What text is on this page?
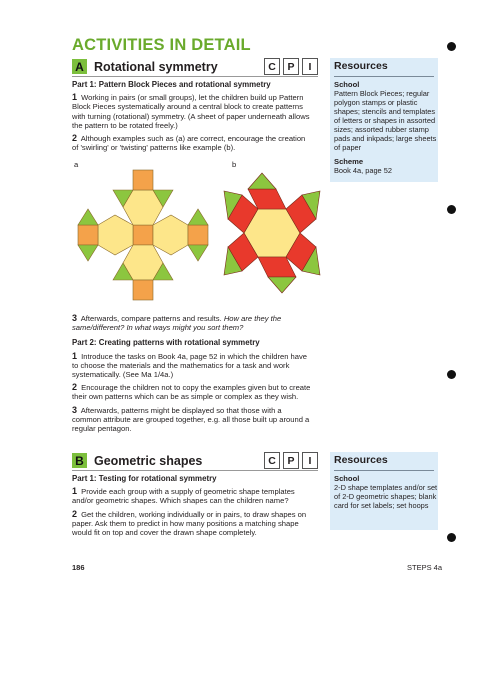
ACTIVITIES IN DETAIL
A Rotational symmetry	C	P	I

Part 1: Pattern Block Pieces and rotational symmetry

1 Working in pairs (or small groups), let the children build up Pattern Block Pieces systematically around a central block to create patterns with turning (rotational) symmetry. (A sheet of paper underneath allows the pattern to be rotated freely.)

2 Although examples such as (a) are correct, encourage the creation of 'swirling' or 'twisting' patterns like example (b).

a	b

3 Afterwards, compare patterns and results. How are they the same/different? In what ways might you sort them?

Part 2: Creating patterns with rotational symmetry

1 Introduce the tasks on Book 4a, page 52 in which the children have to choose the materials and the mathematics for a task and work systematically. (See Ma 1/4a.)

2 Encourage the children not to copy the examples given but to create their own patterns which can be as simple or complex as they wish.

3 Afterwards, patterns might be displayed so that those with a common attribute are grouped together, e.g. all those built up around a regular pentagon.

Resources
School
Pattern Block Pieces; regular polygon stamps or plastic shapes; stencils and templates of letters or shapes in assorted sizes; assorted rubber stamp pads and inkpads; large sheets of paper
Scheme
Book 4a, page 52
B Geometric shapes	C	P	I

Part 1: Testing for rotational symmetry

1 Provide each group with a supply of geometric shape templates and/or geometric shapes. Which shapes can the children name?

2 Get the children, working individually or in pairs, to draw shapes on paper. Ask them to predict in how many positions a matching shape would fit on top and cover the drawn shape completely.

Resources
School
2-D shape templates and/or set of 2-D geometric shapes; blank card for set labels; set hoops
186	STEPS 4a
